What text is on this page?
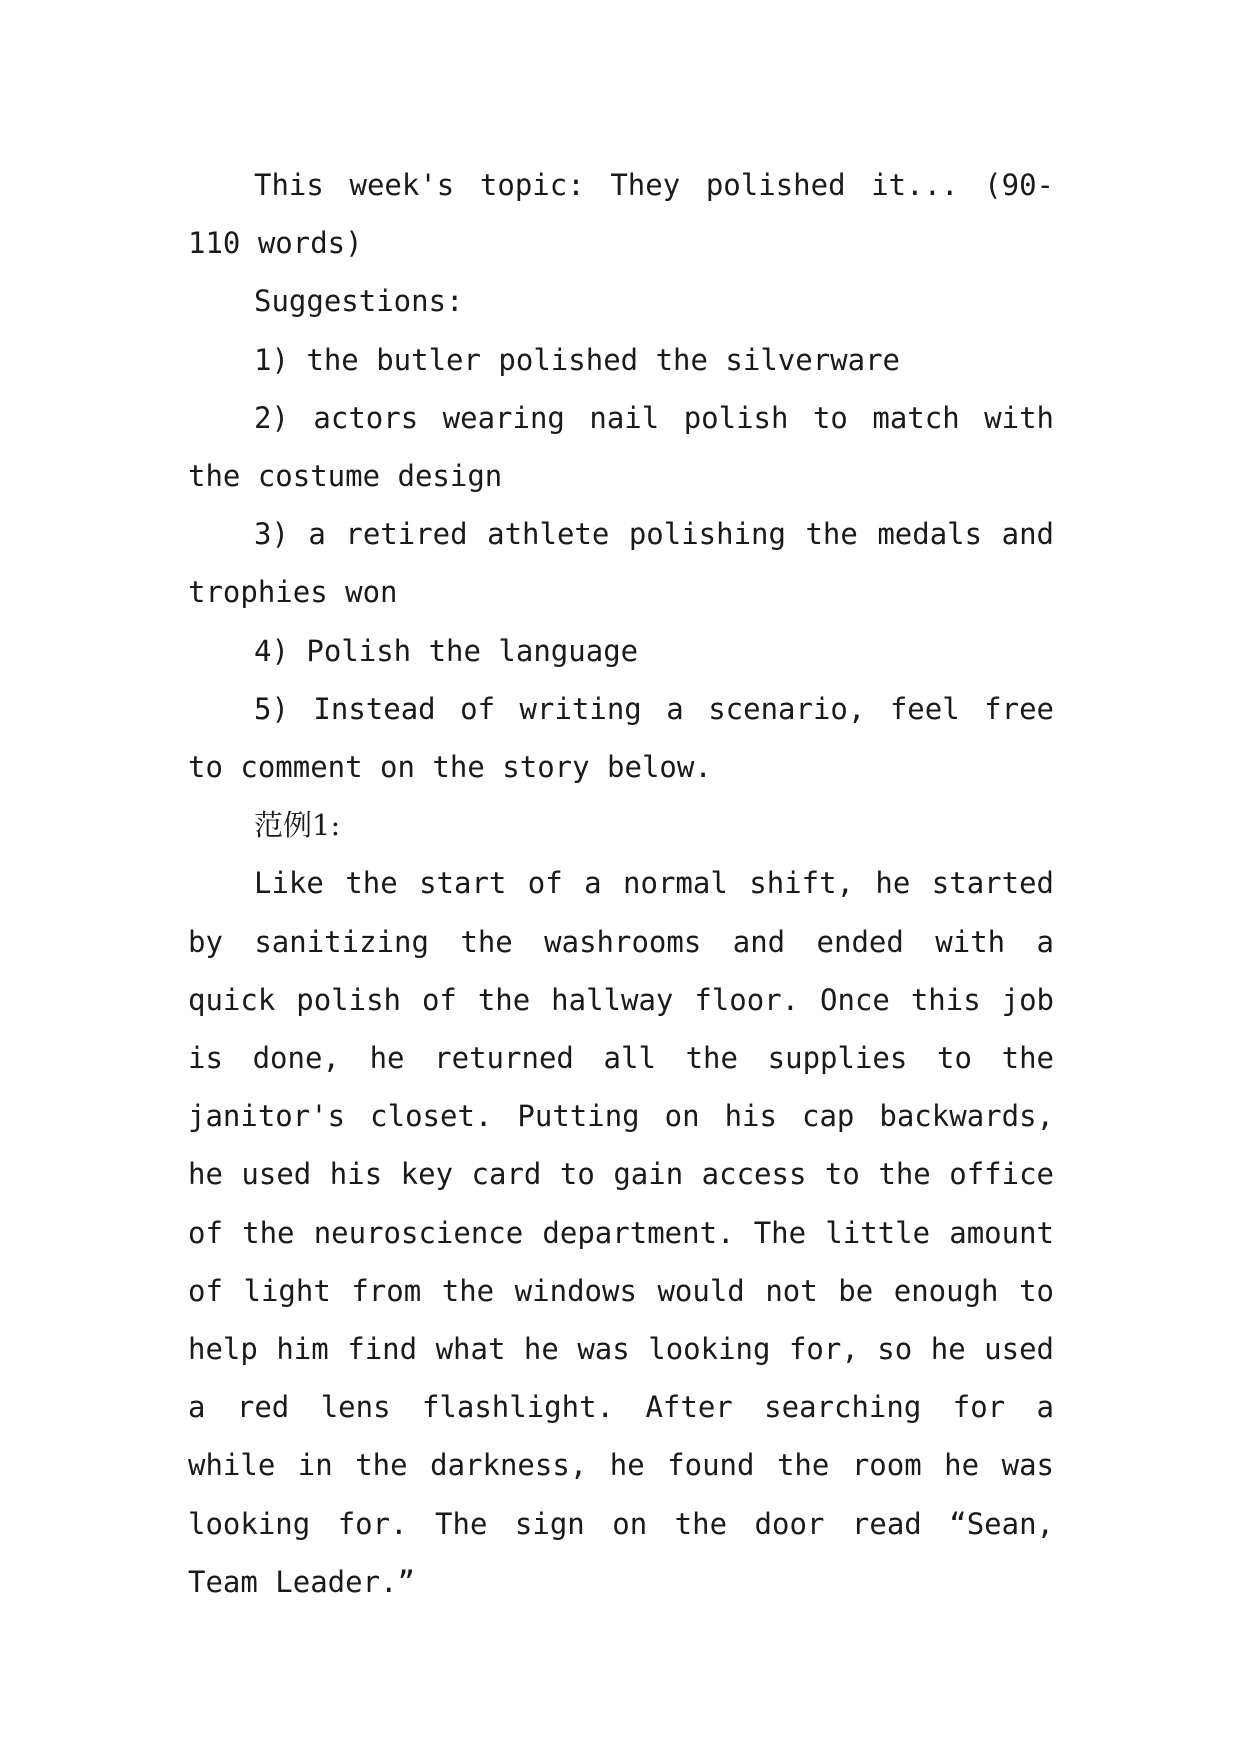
This week's topic: They polished it... (90-110 words)

Suggestions:

1) the butler polished the silverware

2) actors wearing nail polish to match with the costume design

3) a retired athlete polishing the medals and trophies won

4) Polish the language

5) Instead of writing a scenario, feel free to comment on the story below.

范例1:

Like the start of a normal shift, he started by sanitizing the washrooms and ended with a quick polish of the hallway floor. Once this job is done, he returned all the supplies to the janitor's closet. Putting on his cap backwards, he used his key card to gain access to the office of the neuroscience department. The little amount of light from the windows would not be enough to help him find what he was looking for, so he used a red lens flashlight. After searching for a while in the darkness, he found the room he was looking for. The sign on the door read “Sean, Team Leader.”
